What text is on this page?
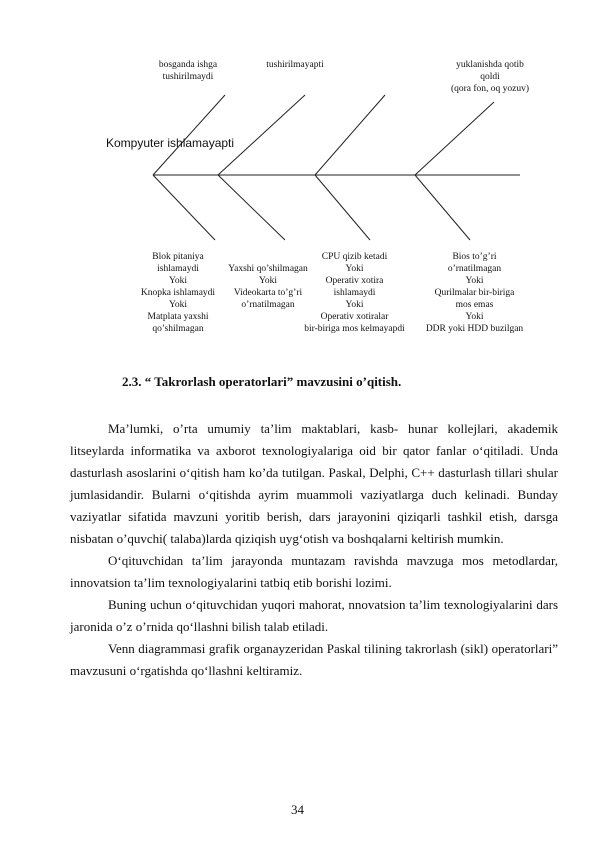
Kompyuter ishlamayapti
bosganda ishga
tushirilmaydi
tushirilmayapti	yuklanishda qotib
qoldi
(qora fon, oq yozuv)
Blok pitaniya
ishlamaydi
Yoki
Knopka ishlamaydi
Yoki
Matplata yaxshi
qo’shilmagan
Yaxshi qo’shilmagan
Yoki
Videokarta to’g’ri
o’rnatilmagan
CPU qizib ketadi
Yoki
Operativ xotira
ishlamaydi
Yoki
Operativ xotiralar
bir-biriga mos kelmayapdi
Bios to’g’ri
o’rnatilmagan
Yoki
Qurilmalar bir-biriga
mos emas
Yoki
DDR yoki HDD buzilgan
2.3. “ Takrorlash operatorlari” mavzusini o’qitish.

Ma’lumki, o’rta umumiy ta’lim maktablari, kasb- hunar kollejlari, akademik litseylarda informatika va axborot texnologiyalariga oid bir qator fanlar o‘qitiladi. Unda dasturlash asoslarini o‘qitish ham ko’da tutilgan. Paskal, Delphi, C++ dasturlash tillari shular jumlasidandir. Bularni o‘qitishda ayrim muammoli vaziyatlarga duch kelinadi. Bunday vaziyatlar sifatida mavzuni yoritib berish, dars jarayonini qiziqarli tashkil etish, darsga nisbatan o’quvchi( talaba)larda qiziqish uyg‘otish va boshqalarni keltirish mumkin.

O‘qituvchidan ta’lim jarayonda muntazam ravishda mavzuga mos metodlardar, innovatsion ta’lim texnologiyalarini tatbiq etib borishi lozimi.

Buning uchun o‘qituvchidan yuqori mahorat, nnovatsion ta’lim texnologiyalarini dars jaronida o’z o’rnida qo‘llashni bilish talab etiladi.

Venn diagrammasi grafik organayzeridan Paskal tilining takrorlash (sikl) operatorlari” mavzusuni o‘rgatishda qo‘llashni keltiramiz.

34
